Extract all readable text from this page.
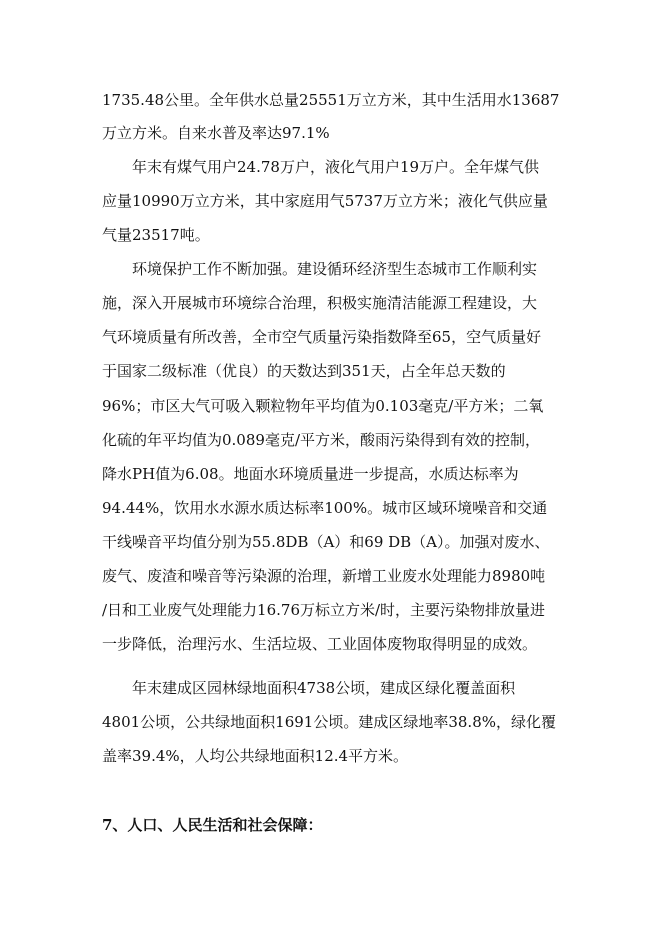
1735.48公里。全年供水总量25551万立方米，其中生活用水13687
万立方米。自来水普及率达97.1%
年末有煤气用户24.78万户，液化气用户19万户。全年煤气供
应量10990万立方米，其中家庭用气5737万立方米；液化气供应量
气量23517吨。
环境保护工作不断加强。建设循环经济型生态城市工作顺利实
施，深入开展城市环境综合治理，积极实施清洁能源工程建设，大
气环境质量有所改善，全市空气质量污染指数降至65，空气质量好
于国家二级标准（优良）的天数达到351天，占全年总天数的
96%；市区大气可吸入颗粒物年平均值为0.103毫克/平方米；二氧
化硫的年平均值为0.089毫克/平方米，酸雨污染得到有效的控制，
降水PH值为6.08。地面水环境质量进一步提高，水质达标率为
94.44%，饮用水水源水质达标率100%。城市区域环境噪音和交通
干线噪音平均值分别为55.8DB（A）和69 DB（A）。加强对废水、
废气、废渣和噪音等污染源的治理，新增工业废水处理能力8980吨
/日和工业废气处理能力16.76万标立方米/时，主要污染物排放量进
一步降低，治理污水、生活垃圾、工业固体废物取得明显的成效。
年末建成区园林绿地面积4738公顷，建成区绿化覆盖面积
4801公顷，公共绿地面积1691公顷。建成区绿地率38.8%，绿化覆
盖率39.4%，人均公共绿地面积12.4平方米。
7、人口、人民生活和社会保障：
